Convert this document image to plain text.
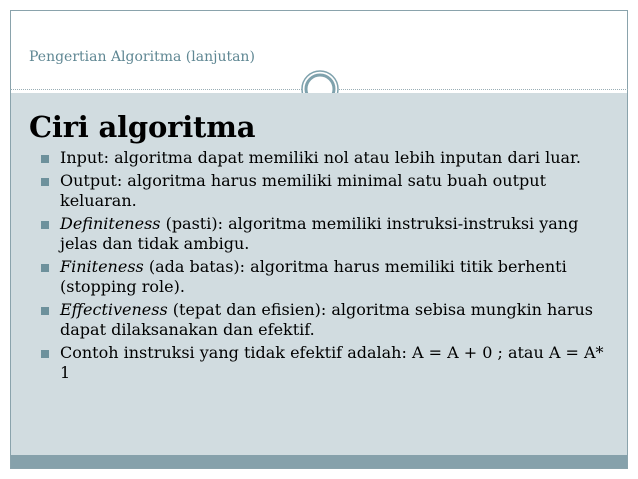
Pengertian Algoritma (lanjutan)
Ciri algoritma
Input: algoritma dapat memiliki nol atau lebih inputan dari luar.
Output: algoritma harus memiliki minimal satu buah output keluaran.
Definiteness (pasti): algoritma memiliki instruksi-instruksi yang jelas dan tidak ambigu.
Finiteness (ada batas): algoritma harus memiliki titik berhenti (stopping role).
Effectiveness (tepat dan efisien): algoritma sebisa mungkin harus dapat dilaksanakan dan efektif.
Contoh instruksi yang tidak efektif adalah: A = A + 0 ; atau A = A* 1
